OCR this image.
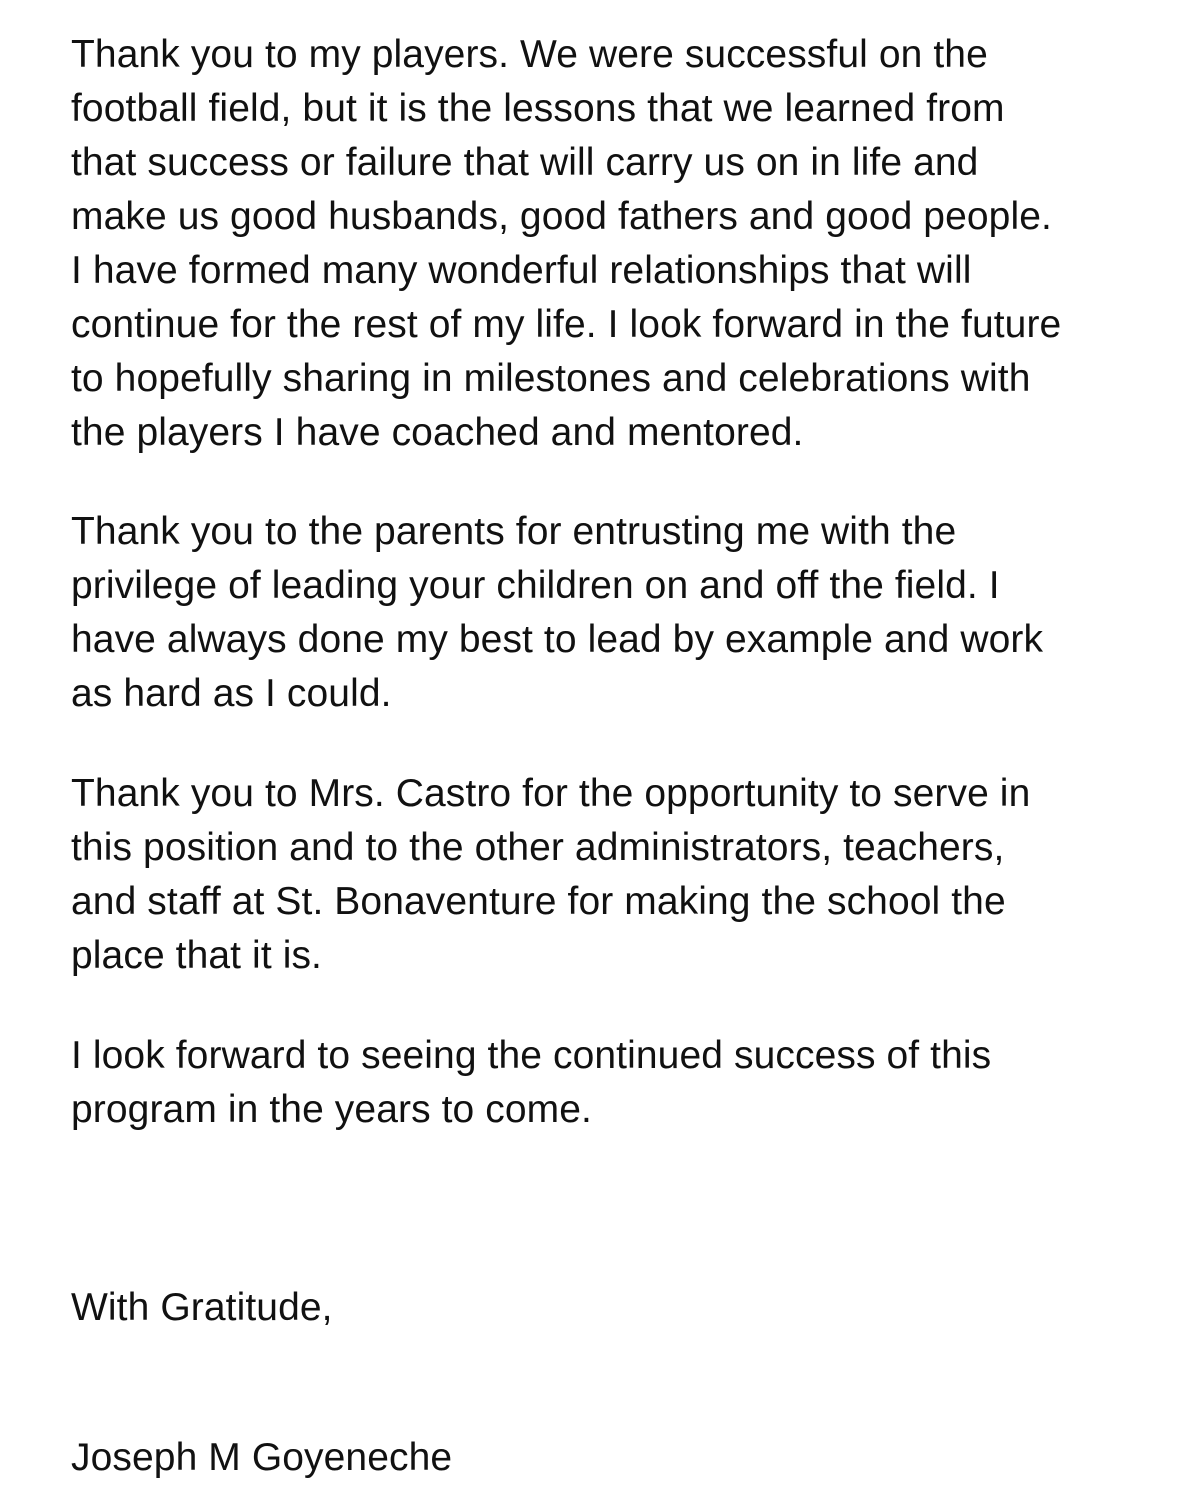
Thank you to my players. We were successful on the
football field, but it is the lessons that we learned from
that success or failure that will carry us on in life and
make us good husbands, good fathers and good people.
I have formed many wonderful relationships that will
continue for the rest of my life. I look forward in the future
to hopefully sharing in milestones and celebrations with
the players I have coached and mentored.
Thank you to the parents for entrusting me with the
privilege of leading your children on and off the field. I
have always done my best to lead by example and work
as hard as I could.
Thank you to Mrs. Castro for the opportunity to serve in
this position and to the other administrators, teachers,
and staff at St. Bonaventure for making the school the
place that it is.
I look forward to seeing the continued success of this
program in the years to come.
With Gratitude,
Joseph M Goyeneche
